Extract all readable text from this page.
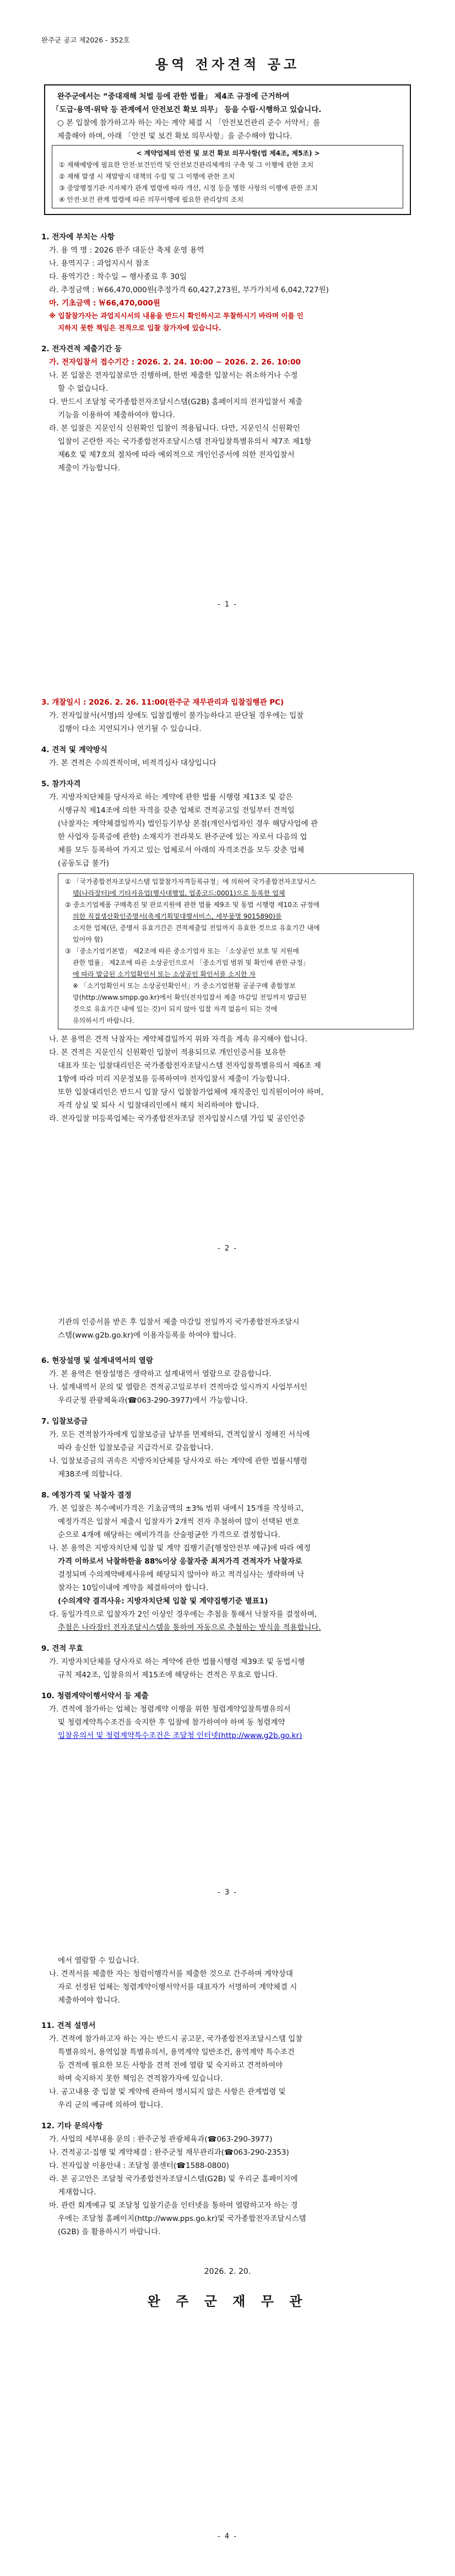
완주군 공고 제2026 - 352호
용역 전자견적 공고
완주군에서는 “중대재해 처벌 등에 관한 법률」 제4조 규정에 근거하여
「도급·용역·위탁 등 관계에서 안전보건 확보 의무」 등을 수립·시행하고 있습니다.
○ 본 입찰에 참가하고자 하는 자는 계약 체결 시 「안전보건관리 준수 서약서」를
제출해야 하며, 아래 「안전 및 보건 확보 의무사항」을 준수해야 합니다.
< 계약업체의 안전 및 보건 확보 의무사항(법 제4조, 제5조) >
① 재해예방에 필요한 안전·보건인력 및 안전보건관리체계의 구축 및 그 이행에 관한 조치
② 재해 발생 시 재발방지 대책의 수립 및 그 이행에 관한 조치
③ 중앙행정기관·지자체가 관계 법령에 따라 개선, 시정 등을 명한 사항의 이행에 관한 조치
④ 안전·보건 관계 법령에 따른 의무이행에 필요한 관리상의 조치
1. 전자에 부치는 사항
가. 용 역 명 : 2026 완주 대둔산 축제 운영 용역
나. 용역지구 : 과업지시서 참조
다. 용역기간 : 착수일 ~ 행사종료 후 30일
라. 추정금액 : ￦66,470,000원(추정가격 60,427,273원, 부가가치세 6,042,727원)
마. 기초금액 : ￦66,470,000원
※ 입찰참가자는 과업지시서의 내용을 반드시 확인하시고 투찰하시기 바라며 이를 인
지하지 못한 책임은 전적으로 입찰 참가자에 있습니다.
2. 전자견적 제출기간 등
가. 전자입찰서 접수기간 : 2026. 2. 24. 10:00 ~ 2026. 2. 26. 10:00
나. 본 입찰은 전자입찰로만 진행하며, 한번 제출한 입찰서는 취소하거나 수정
할 수 없습니다.
다. 반드시 조달청 국가종합전자조달시스템(G2B) 홈페이지의 전자입찰서 제출
기능을 이용하여 제출하여야 합니다.
라. 본 입찰은 지문인식 신원확인 입찰이 적용됩니다. 다만, 지문인식 신원확인
입찰이 곤란한 자는 국가종합전자조달시스템 전자입찰특별유의서 제7조 제1항
제6호 및 제7호의 절차에 따라 예외적으로 개인인증서에 의한 전자입찰서
제출이 가능합니다.
- 1 -
3. 개찰일시 : 2026. 2. 26. 11:00(완주군 재무관리과 입찰집행관 PC)
가. 전자입찰서(서명)의 상에도 입찰집행이 불가능하다고 판단될 경우에는 입찰
집행이 다소 지연되거나 연기될 수 있습니다.
4. 견적 및 계약방식
가. 본 견적은 수의견적이며, 비적격심사 대상입니다
5. 참가자격
가. 지방자치단체를 당사자로 하는 계약에 관한 법률 시행령 제13조 및 같은
시행규칙 제14조에 의한 자격을 갖춘 업체로 견적공고일 전일부터 견적일
(낙찰자는 계약체결일까지) 법인등기부상 본점(개인사업자인 경우 해당사업에 관
한 사업자 등록증에 관한) 소재지가 전라북도 완주군에 있는 자로서 다음의 업
체를 모두 등록하여 가지고 있는 업체로서 아래의 자격조건을 모두 갖춘 업체
(공동도급 불가)
① 「국가종합전자조달시스템 입찰참가자격등록규정」에 의하여 국가종합전자조달시스
템(나라장터)에 기타자유업(행사대행업, 업종코드:0001)으로 등록한 업체
② 중소기업제품 구매촉진 및 판로지원에 관한 법률 제9조 및 동법 시행령 제10조 규정에
의한 직접생산확인증명서(축제기획및대행서비스, 세부품명 9015890)를
소지한 업체(단, 증명서 유효기간은 견적제출일 전일까지 유효한 것으로 유효기간 내에
있어야 함)
③ 「중소기업기본법」 제2조에 따른 중소기업자 또는 「소상공인 보호 및 지원에
관한 법률」 제2조에 따른 소상공인으로서 「중소기업 범위 및 확인에 관한 규정」
에 따라 발급된 소기업확인서 또는 소상공인 확인서를 소지한 자
※ 「소기업확인서 또는 소상공인확인서」가 중소기업현황 공공구매 종합정보
망(http://www.smpp.go.kr)에서 확인(전자입찰서 제출 마감일 전일까지 발급된
것으로 유효기간 내에 있는 것)이 되지 않아 입찰 자격 없음이 되는 것에
유의하시기 바랍니다.
나. 본 용역은 견적 낙찰자는 계약체결일까지 위와 자격을 계속 유지해야 합니다.
다. 본 견적은 지문인식 신원확인 입찰이 적용되므로 개인인증서를 보유한
대표자 또는 입찰대리인은 국가종합전자조달시스템 전자입찰특별유의서 제6조 제
1항에 따라 미리 지문정보를 등록하여야 전자입찰서 제출이 가능합니다.
또한 입찰대리인은 반드시 입찰 당시 입찰참가업체에 재직중인 임직원이어야 하며,
자격 상실 및 퇴사 시 입찰대리인에서 해지 처리하여야 합니다.
라. 전자입찰 미등록업체는 국가종합전자조달 전자입찰시스템 가입 및 공인인증
- 2 -
기관의 인증서를 받은 후 입찰서 제출 마감일 전일까지 국가종합전자조달시
스템(www.g2b.go.kr)에 이용자등록을 하여야 합니다.
6. 현장설명 및 설계내역서의 열람
가. 본 용역은 현장설명은 생략하고 설계내역서 열람으로 갈음합니다.
나. 설계내역서 문의 및 열람은 견적공고일로부터 견적마감 일시까지 사업부서인
우리군청 관광체육과(☎063-290-3977)에서 가능합니다.
7. 입찰보증금
가. 모든 견적참가자에게 입찰보증금 납부를 면제하되, 견적입찰시 정해진 서식에
따라 송신한 입찰보증금 지급각서로 갈음합니다.
나. 입찰보증금의 귀속은 지방자치단체를 당사자로 하는 계약에 관한 법률시행령
제38조에 의합니다.
8. 예정가격 및 낙찰자 결정
가. 본 입찰은 복수예비가격은 기초금액의 ±3% 범위 내에서 15개를 작성하고,
예정가격은 입찰서 제출시 입찰자가 2개씩 전자 추첨하여 많이 선택된 번호
순으로 4개에 해당하는 예비가격을 산술평균한 가격으로 결정합니다.
나. 본 용역은 지방자치단체 입찰 및 계약 집행기준[행정안전부 예규]에 따라 예정
가격 이하로서 낙찰하한율 88%이상 응찰자중 최저가격 견적자가 낙찰자로
결정되며 수의계약배제사유에 해당되지 않아야 하고 적격심사는 생략하며 낙
찰자는 10일이내에 계약을 체결하여야 합니다.
(수의계약 결격사유: 지방자치단체 입찰 및 계약집행기준 별표1)
다. 동일가격으로 입찰자가 2인 이상인 경우에는 추첨을 통해서 낙찰자를 결정하며,
추첨은 나라장터 전자조달시스템을 통하여 자동으로 추첨하는 방식을 적용합니다.
9. 견적 무효
가. 지방자치단체를 당사자로 하는 계약에 관한 법률시행령 제39조 및 동법시행
규칙 제42조, 입찰유의서 제15조에 해당하는 견적은 무효로 합니다.
10. 청렴계약이행서약서 등 제출
가. 견적에 참가하는 업체는 청렴계약 이행을 위한 청렴계약입찰특별유의서
및 청렴계약특수조건을 숙지한 후 입찰에 참가하여야 하며 동 청렴계약
입찰유의서 및 청렴계약특수조건은 조달청 인터넷(http://www.g2b.go.kr)
- 3 -
에서 열람할 수 있습니다.
나. 견적서를 제출한 자는 청렴이행각서를 제출한 것으로 간주하며 계약상대
자로 선정된 업체는 청렴계약이행서약서를 대표자가 서명하여 계약체결 시
제출하여야 합니다.
11. 견적 설명서
가. 견적에 참가하고자 하는 자는 반드시 공고문, 국가종합전자조달시스템 입찰
특별유의서, 용역입찰 특별유의서, 용역계약 일반조건, 용역계약 특수조건
등 견적에 필요한 모든 사항을 견적 전에 열람 및 숙지하고 견적하여야
하며 숙지하지 못한 책임은 견적참가자에 있습니다.
나. 공고내용 중 입찰 및 계약에 관하여 명시되지 않은 사항은 관계법령 및
우리 군의 예규에 의하여 합니다.
12. 기타 문의사항
가. 사업의 세부내용 문의 : 완주군청 관광체육과(☎063-290-3977)
나. 견적공고·집행 및 계약체결 : 완주군청 재무관리과(☎063-290-2353)
다. 전자입찰 이용안내 : 조달청 콜센터(☎1588-0800)
라. 본 공고안은 조달청 국가종합전자조달시스템(G2B) 및 우리군 홈페이지에
게재합니다.
마. 관련 회계예규 및 조달청 입찰기준을 인터넷을 통하여 열람하고자 하는 경
우에는 조달청 홈페이지(http://www.pps.go.kr)및 국가종합전자조달시스템
(G2B) 을 활용하시기 바랍니다.
2026. 2. 20.
완 주 군 재 무 관
- 4 -
